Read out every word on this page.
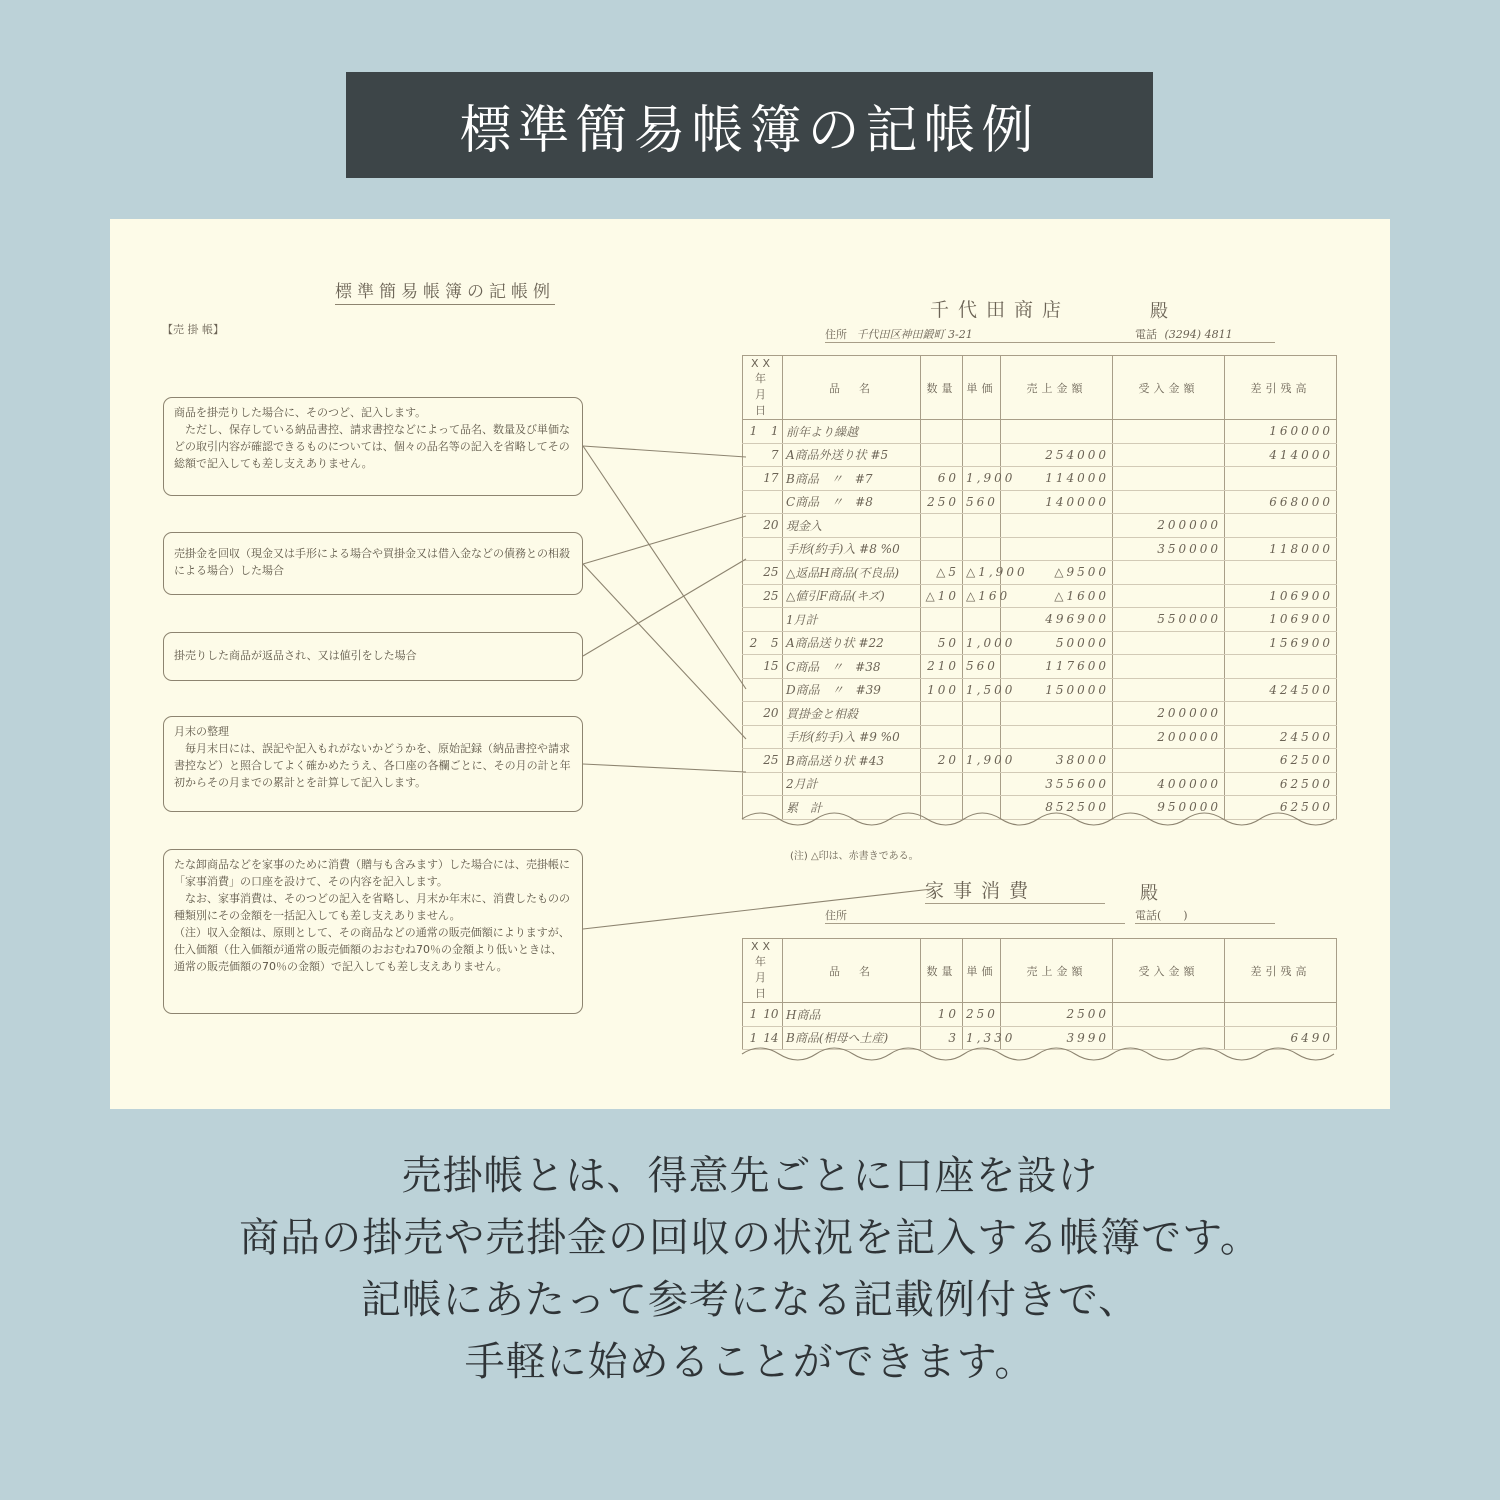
標準簡易帳簿の記帳例
標準簡易帳簿の記帳例
【売 掛 帳】
商品を掛売りした場合に、そのつど、記入します。
　ただし、保存している納品書控、請求書控などによって品名、数量及び単価などの取引内容が確認できるものについては、個々の品名等の記入を省略してその総額で記入しても差し支えありません。
売掛金を回収（現金又は手形による場合や買掛金又は借入金などの債務との相殺による場合）した場合
掛売りした商品が返品され、又は値引をした場合
月末の整理
　毎月末日には、誤記や記入もれがないかどうかを、原始記録（納品書控や請求書控など）と照合してよく確かめたうえ、各口座の各欄ごとに、その月の計と年初からその月までの累計とを計算して記入します。
たな卸商品などを家事のために消費（贈与も含みます）した場合には、売掛帳に「家事消費」の口座を設けて、その内容を記入します。
　なお、家事消費は、そのつどの記入を省略し、月末か年末に、消費したものの種類別にその金額を一括記入しても差し支えありません。
（注）収入金額は、原則として、その商品などの通常の販売価額によりますが、仕入価額（仕入価額が通常の販売価額のおおむね70％の金額より低いときは、通常の販売価額の70％の金額）で記入しても差し支えありません。
千代田商店	殿
住所 千代田区神田鍛町 3-21	電話 (3294) 4811
XX年 月 日	品　名	数量	単価	売上金額	受入金額	差引残高
1 1	前年より繰越					160000
7	A商品外送り状 #5			254000		414000
17	B商品　〃　#7	60	1,900	114000		
	C商品　〃　#8	250	560	140000		668000
20	現金入				200000	
	手形(約手)入 #8 %0				350000	118000
25	△返品H商品(不良品)	△5	△1,900	△9500		
25	△値引F商品(キズ)	△10	△160	△1600		106900
	1月計			496900	550000	106900
2 5	A商品送り状 #22	50	1,000	50000		156900
15	C商品　〃　#38	210	560	117600		
	D商品　〃　#39	100	1,500	150000		424500
20	買掛金と相殺				200000	
	手形(約手)入 #9 %0				200000	24500
25	B商品送り状 #43	20	1,900	38000		62500
	2月計			355600	400000	62500
	累　計			852500	950000	62500
(注) △印は、赤書きである。
家事消費	殿
住所	電話(　　)
XX年 月 日	品　名	数量	単価	売上金額	受入金額	差引残高
1 10	H商品	10	250	2500		
1 14	B商品(相母へ土産)	3	1,330	3990		6490
売掛帳とは、得意先ごとに口座を設け
商品の掛売や売掛金の回収の状況を記入する帳簿です。
記帳にあたって参考になる記載例付きで、
手軽に始めることができます。
